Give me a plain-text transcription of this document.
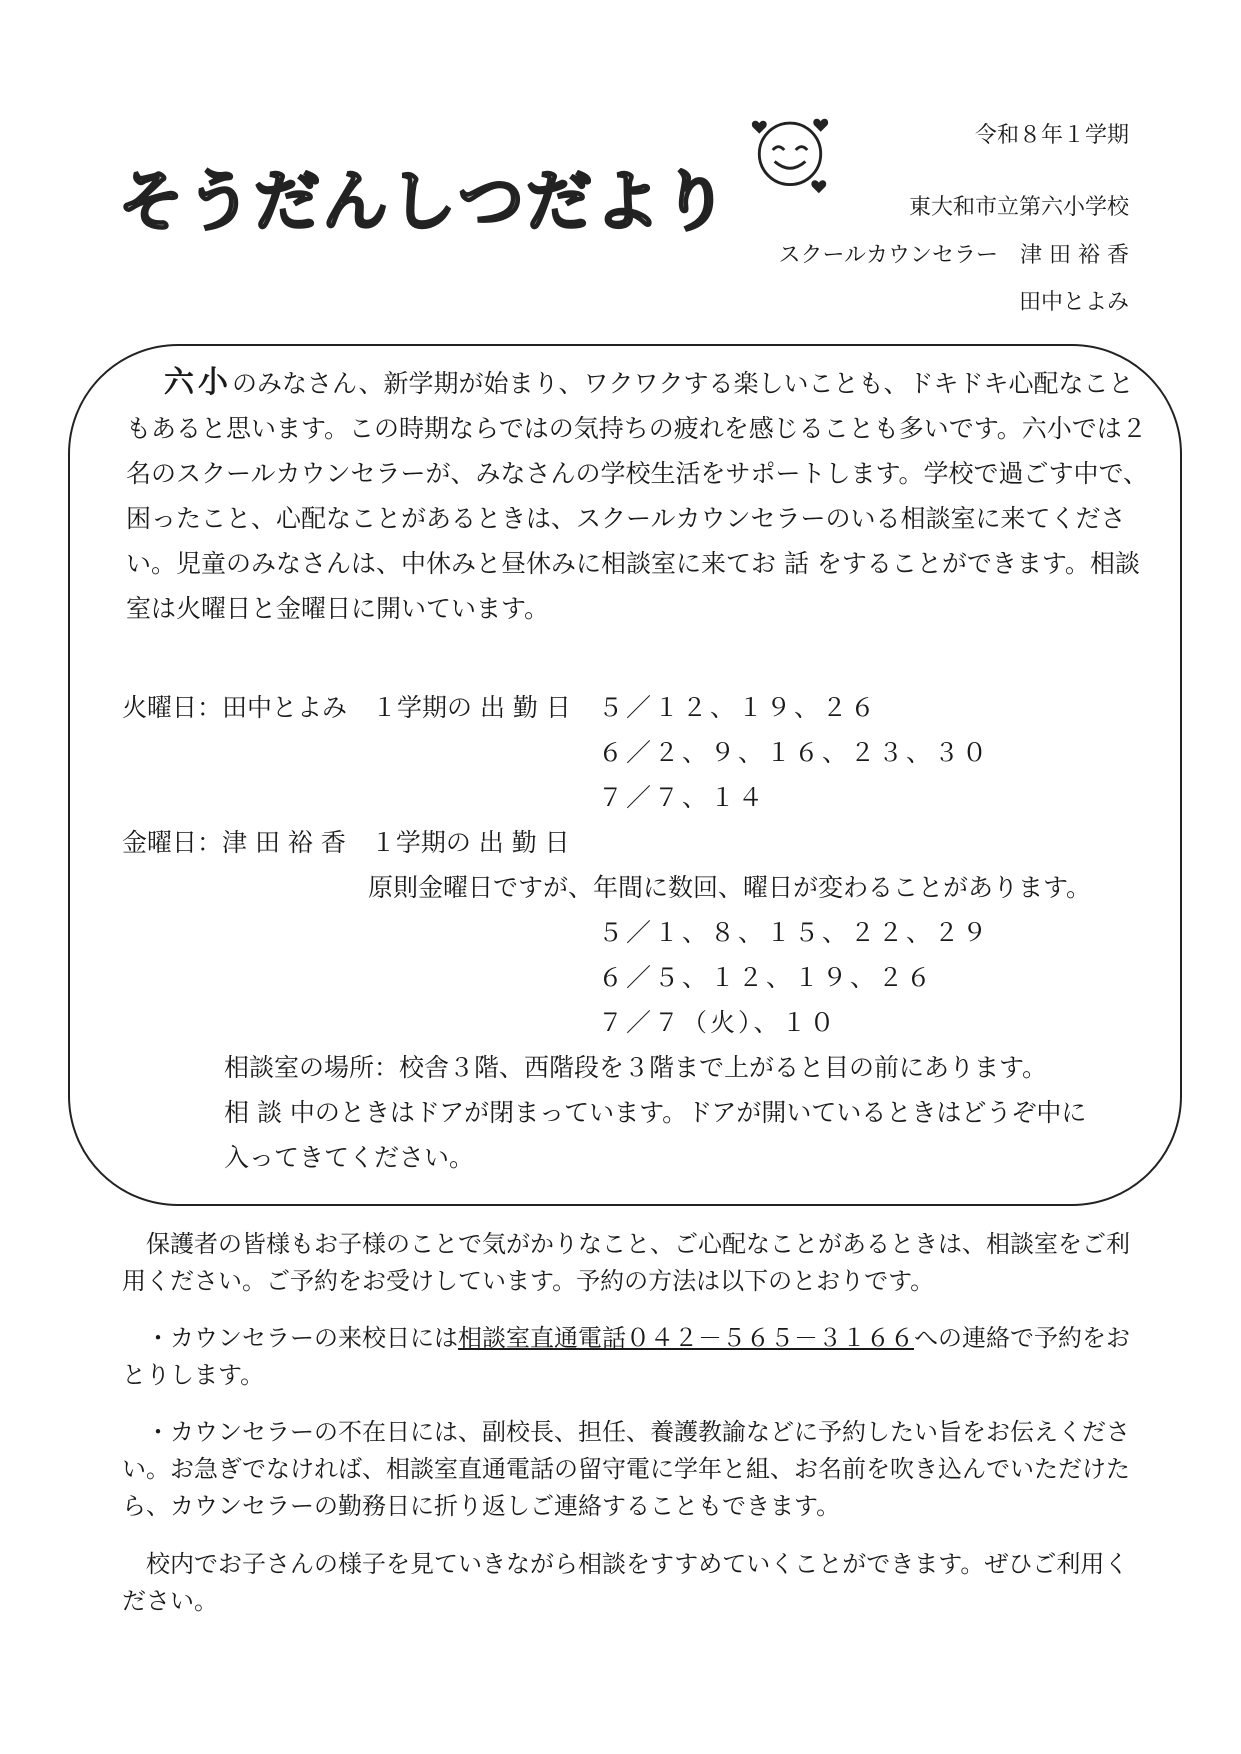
そうだんしつだより
令和８年１学期
東大和市立第六小学校
スクールカウンセラー　津 田 裕 香
田中とよみ
六小のみなさん、新学期が始まり、ワクワクする楽しいことも、ドキドキ心配なこともあると思います。この時期ならではの気持ちの疲れを感じることも多いです。六小では２名のスクールカウンセラーが、みなさんの学校生活をサポートします。学校で過ごす中で、困ったこと、心配なことがあるときは、スクールカウンセラーのいる相談室に来てください。児童のみなさんは、中休みと昼休みに相談室に来てお 話 をすることができます。相談室は火曜日と金曜日に開いています。
火曜日：田中とよみ　１学期の 出 勤 日 ５／１２、１９、２６
６／２、９、１６、２３、３０
７／７、１４
金曜日：津 田 裕 香　１学期の 出 勤 日
原則金曜日ですが、年間に数回、曜日が変わることがあります。
５／１、８、１５、２２、２９
６／５、１２、１９、２６
７／７（火）、１０
相談室の場所：校舎３階、西階段を３階まで上がると目の前にあります。
相 談 中のときはドアが閉まっています。ドアが開いているときはどうぞ中に
入ってきてください。
保護者の皆様もお子様のことで気がかりなこと、ご心配なことがあるときは、相談室をご利用ください。ご予約をお受けしています。予約の方法は以下のとおりです。
・カウンセラーの来校日には相談室直通電話０４２－５６５－３１６６への連絡で予約をおとりします。
・カウンセラーの不在日には、副校長、担任、養護教諭などに予約したい旨をお伝えください。お急ぎでなければ、相談室直通電話の留守電に学年と組、お名前を吹き込んでいただけたら、カウンセラーの勤務日に折り返しご連絡することもできます。
校内でお子さんの様子を見ていきながら相談をすすめていくことができます。ぜひご利用ください。
